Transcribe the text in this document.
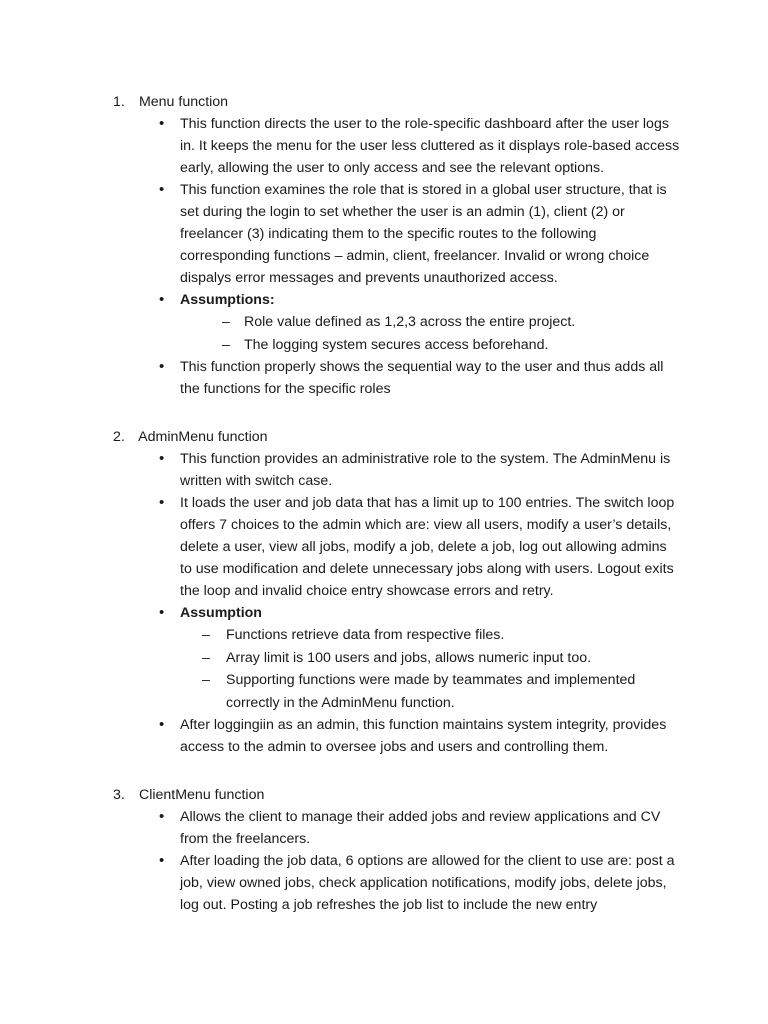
1. Menu function
• This function directs the user to the role-specific dashboard after the user logs in. It keeps the menu for the user less cluttered as it displays role-based access early, allowing the user to only access and see the relevant options.
• This function examines the role that is stored in a global user structure, that is set during the login to set whether the user is an admin (1), client (2) or freelancer (3) indicating them to the specific routes to the following corresponding functions – admin, client, freelancer. Invalid or wrong choice dispalys error messages and prevents unauthorized access.
• Assumptions:
– Role value defined as 1,2,3 across the entire project.
– The logging system secures access beforehand.
• This function properly shows the sequential way to the user and thus adds all the functions for the specific roles
2. AdminMenu function
• This function provides an administrative role to the system. The AdminMenu is written with switch case.
• It loads the user and job data that has a limit up to 100 entries. The switch loop offers 7 choices to the admin which are: view all users, modify a user’s details, delete a user, view all jobs, modify a job, delete a job, log out allowing admins to use modification and delete unnecessary jobs along with users. Logout exits the loop and invalid choice entry showcase errors and retry.
• Assumption
–	Functions retrieve data from respective files.
–	Array limit is 100 users and jobs, allows numeric input too.
–	Supporting functions were made by teammates and implemented correctly in the AdminMenu function.
• After loggingiin as an admin, this function maintains system integrity, provides access to the admin to oversee jobs and users and controlling them.
3. ClientMenu function
• Allows the client to manage their added jobs and review applications and CV from the freelancers.
• After loading the job data, 6 options are allowed for the client to use are: post a job, view owned jobs, check application notifications, modify jobs, delete jobs, log out. Posting a job refreshes the job list to include the new entry
